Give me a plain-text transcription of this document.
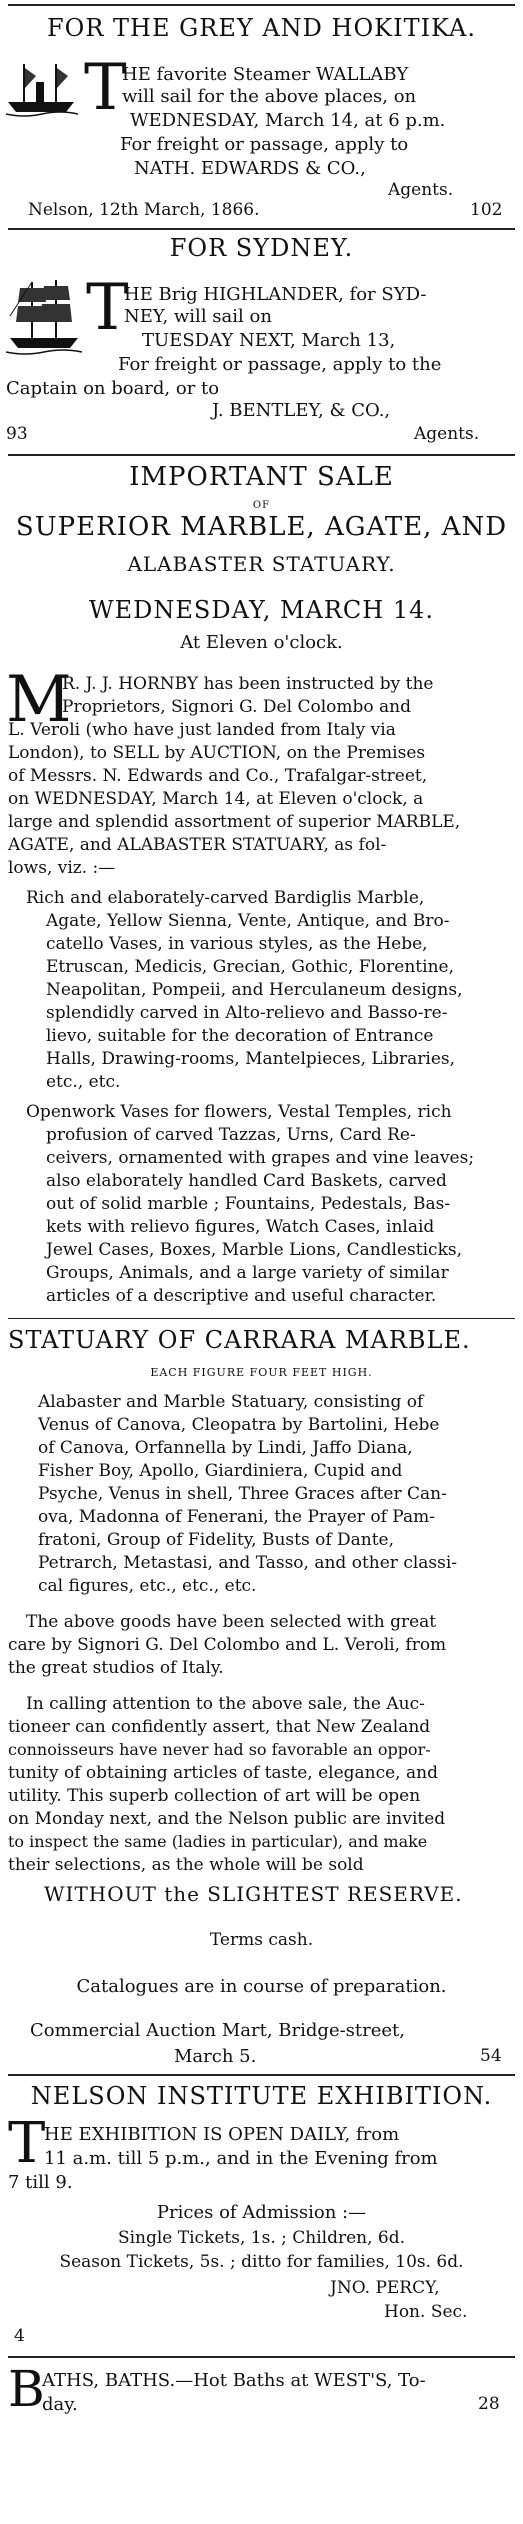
FOR THE GREY AND HOKITIKA.
T
HE favorite Steamer WALLABY
will sail for the above places, on
WEDNESDAY, March 14, at 6 p.m.
For freight or passage, apply to
NATH. EDWARDS & CO.,
Agents.
Nelson, 12th March, 1866.	102
FOR SYDNEY.
T
HE Brig HIGHLANDER, for SYD-
NEY, will sail on
TUESDAY NEXT, March 13,
For freight or passage, apply to the
Captain on board, or to
J. BENTLEY, & CO.,
93	Agents.
IMPORTANT SALE
OF
SUPERIOR MARBLE, AGATE, AND
ALABASTER STATUARY.
WEDNESDAY, MARCH 14.
At Eleven o'clock.
M
R. J. J. HORNBY has been instructed by the
Proprietors, Signori G. Del Colombo and
L. Veroli (who have just landed from Italy via
London), to SELL by AUCTION, on the Premises
of Messrs. N. Edwards and Co., Trafalgar-street,
on WEDNESDAY, March 14, at Eleven o'clock, a
large and splendid assortment of superior MARBLE,
AGATE, and ALABASTER STATUARY, as fol-
lows, viz. :—
Rich and elaborately-carved Bardiglis Marble,
Agate, Yellow Sienna, Vente, Antique, and Bro-
catello Vases, in various styles, as the Hebe,
Etruscan, Medicis, Grecian, Gothic, Florentine,
Neapolitan, Pompeii, and Herculaneum designs,
splendidly carved in Alto-relievo and Basso-re-
lievo, suitable for the decoration of Entrance
Halls, Drawing-rooms, Mantelpieces, Libraries,
etc., etc.
Openwork Vases for flowers, Vestal Temples, rich
profusion of carved Tazzas, Urns, Card Re-
ceivers, ornamented with grapes and vine leaves;
also elaborately handled Card Baskets, carved
out of solid marble ; Fountains, Pedestals, Bas-
kets with relievo figures, Watch Cases, inlaid
Jewel Cases, Boxes, Marble Lions, Candlesticks,
Groups, Animals, and a large variety of similar
articles of a descriptive and useful character.
STATUARY OF CARRARA MARBLE.
EACH FIGURE FOUR FEET HIGH.
Alabaster and Marble Statuary, consisting of
Venus of Canova, Cleopatra by Bartolini, Hebe
of Canova, Orfannella by Lindi, Jaffo Diana,
Fisher Boy, Apollo, Giardiniera, Cupid and
Psyche, Venus in shell, Three Graces after Can-
ova, Madonna of Fenerani, the Prayer of Pam-
fratoni, Group of Fidelity, Busts of Dante,
Petrarch, Metastasi, and Tasso, and other classi-
cal figures, etc., etc., etc.
The above goods have been selected with great
care by Signori G. Del Colombo and L. Veroli, from
the great studios of Italy.
In calling attention to the above sale, the Auc-
tioneer can confidently assert, that New Zealand
connoisseurs have never had so favorable an oppor-
tunity of obtaining articles of taste, elegance, and
utility. This superb collection of art will be open
on Monday next, and the Nelson public are invited
to inspect the same (ladies in particular), and make
their selections, as the whole will be sold
WITHOUT the SLIGHTEST RESERVE.
Terms cash.
Catalogues are in course of preparation.
Commercial Auction Mart, Bridge-street,
March 5.	54
NELSON INSTITUTE EXHIBITION.
T
HE EXHIBITION IS OPEN DAILY, from
11 a.m. till 5 p.m., and in the Evening from
7 till 9.
Prices of Admission :—
Single Tickets, 1s. ; Children, 6d.
Season Tickets, 5s. ; ditto for families, 10s. 6d.
JNO. PERCY,
Hon. Sec.
4
B
ATHS, BATHS.—Hot Baths at WEST'S, To-
day.	28
